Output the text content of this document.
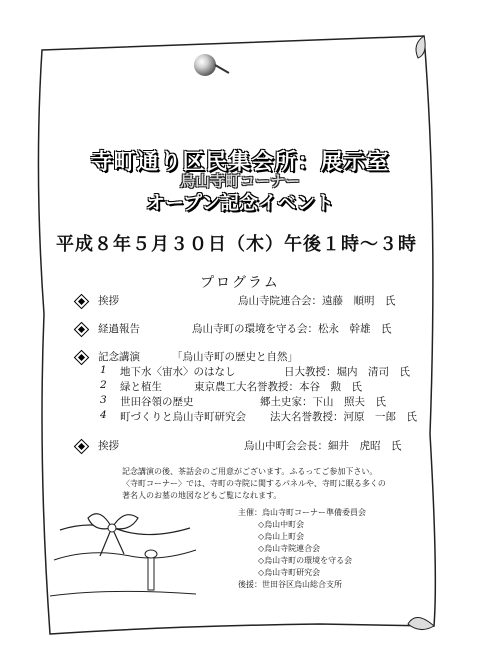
寺町通り区民集会所：展示室
烏山寺町コーナー
オープン記念イベント
平成８年５月３０日（木）午後１時～３時
プログラム
挨拶	烏山寺院連合会：遠藤　順明　氏
経過報告	烏山寺町の環境を守る会：松永　幹雄　氏
記念講演	「烏山寺町の歴史と自然」
1 地下水〈宙水〉のはなし	日大教授：堀内　清司　氏
2 緑と植生	東京農工大名誉教授：本谷　勲　氏
3 世田谷領の歴史	郷土史家：下山　照夫　氏
4 町づくりと烏山寺町研究会 法大名誉教授：河原　一郎　氏
挨拶	烏山中町会会長：細井　虎昭　氏
記念講演の後、茶話会のご用意がございます。ふるってご参加下さい。
〈寺町コーナー〉では、寺町の寺院に関するパネルや、寺町に眠る多くの
著名人のお墓の地図などもご覧になれます。
主催：烏山寺町コーナー準備委員会
◇烏山中町会
◇烏山上町会
◇烏山寺院連合会
◇烏山寺町の環境を守る会
◇烏山寺町研究会
後援：世田谷区烏山総合支所
